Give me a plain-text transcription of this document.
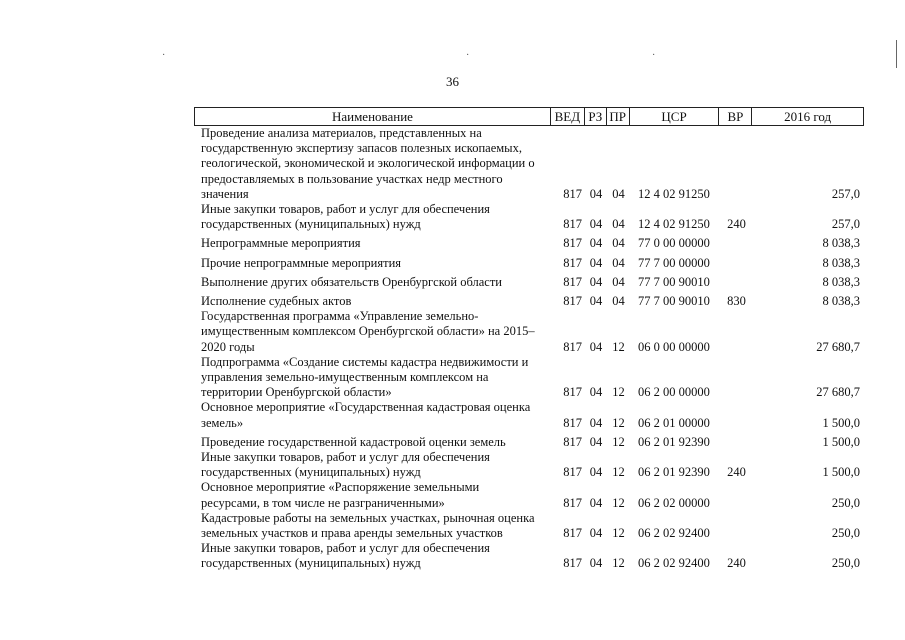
·	·	·
36
Наименование	ВЕД РЗ ПР	ЦСР	ВР	2016 год
Проведение анализа материалов, представленных на
государственную экспертизу запасов полезных ископаемых,
геологической, экономической и экологической информации о
предоставляемых в пользование участках недр местного
значения	817 04 04	12 4 02 91250	257,0
Иные закупки товаров, работ и услуг для обеспечения
государственных (муниципальных) нужд	817 04 04	12 4 02 91250	240	257,0
Непрограммные мероприятия	817 04 04	77 0 00 00000	8 038,3
Прочие непрограммные мероприятия	817 04 04	77 7 00 00000	8 038,3
Выполнение других обязательств Оренбургской области	817 04 04	77 7 00 90010	8 038,3
Исполнение судебных актов	817 04 04	77 7 00 90010	830	8 038,3
Государственная программа «Управление земельно-
имущественным комплексом Оренбургской области» на 2015–
2020 годы	817 04 12	06 0 00 00000	27 680,7
Подпрограмма «Создание системы кадастра недвижимости и
управления земельно-имущественным комплексом на
территории Оренбургской области»	817 04 12	06 2 00 00000	27 680,7
Основное мероприятие «Государственная кадастровая оценка
земель»	817 04 12	06 2 01 00000	1 500,0
Проведение государственной кадастровой оценки земель	817 04 12	06 2 01 92390	1 500,0
Иные закупки товаров, работ и услуг для обеспечения
государственных (муниципальных) нужд	817 04 12	06 2 01 92390	240	1 500,0
Основное мероприятие «Распоряжение земельными
ресурсами, в том числе не разграниченными»	817 04 12	06 2 02 00000	250,0
Кадастровые работы на земельных участках, рыночная оценка
земельных участков и права аренды земельных участков	817 04 12	06 2 02 92400	250,0
Иные закупки товаров, работ и услуг для обеспечения
государственных (муниципальных) нужд	817 04 12	06 2 02 92400	240	250,0
